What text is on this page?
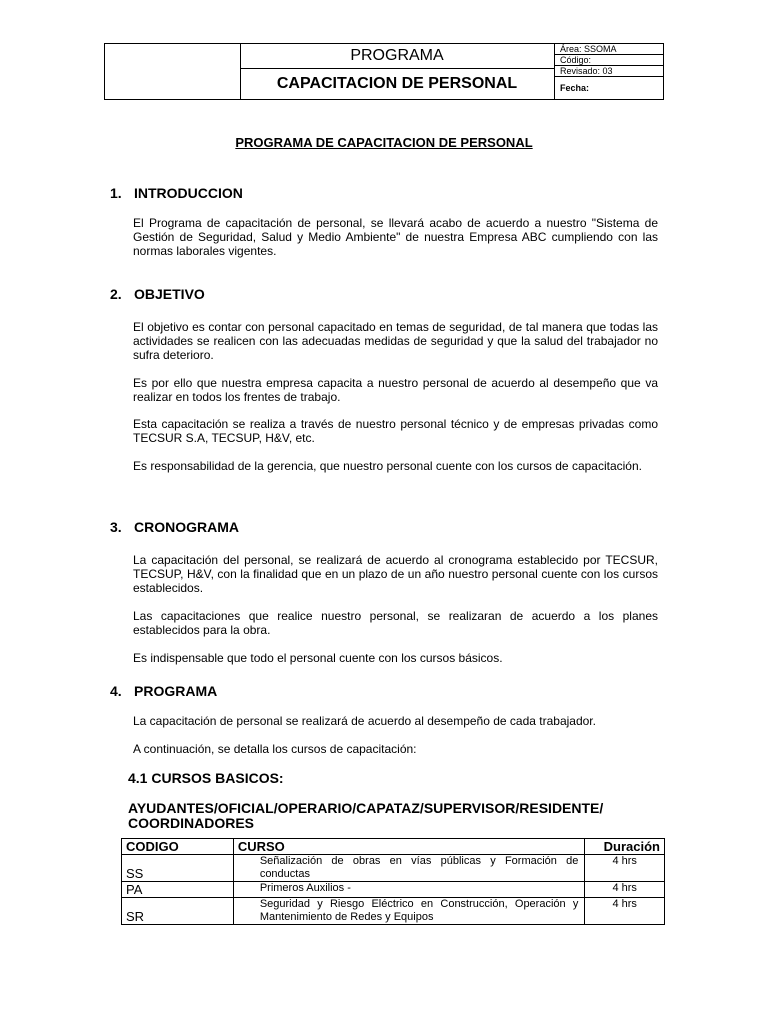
PROGRAMA
CAPACITACION DE PERSONAL
Área: SSOMA
Código:
Revisado: 03
Fecha:
PROGRAMA DE CAPACITACION DE PERSONAL
1. INTRODUCCION
El Programa de capacitación de personal, se llevará acabo de acuerdo a nuestro "Sistema de Gestión de Seguridad, Salud y Medio Ambiente" de nuestra Empresa ABC cumpliendo con las normas laborales vigentes.
2. OBJETIVO
El objetivo es contar con personal capacitado en temas de seguridad, de tal manera que todas las actividades se realicen con las adecuadas medidas de seguridad y que la salud del trabajador no sufra deterioro.
Es por ello que nuestra empresa capacita a nuestro personal de acuerdo al desempeño que va realizar en todos los frentes de trabajo.
Esta capacitación se realiza a través de nuestro personal técnico y de empresas privadas como TECSUR S.A, TECSUP, H&V, etc.
Es responsabilidad de la gerencia, que nuestro personal cuente con los cursos de capacitación.
3. CRONOGRAMA
La capacitación del personal, se realizará de acuerdo al cronograma establecido por TECSUR, TECSUP, H&V, con la finalidad que en un plazo de un año nuestro personal cuente con los cursos establecidos.
Las capacitaciones que realice nuestro personal, se realizaran de acuerdo a los planes establecidos para la obra.
Es indispensable que todo el personal cuente con los cursos básicos.
4. PROGRAMA
La capacitación de personal se realizará de acuerdo al desempeño de cada trabajador.
A continuación, se detalla los cursos de capacitación:
4.1 CURSOS BASICOS:
AYUDANTES/OFICIAL/OPERARIO/CAPATAZ/SUPERVISOR/RESIDENTE/ COORDINADORES
CODIGO	CURSO	Duración
SS	Señalización de obras en vías públicas y Formación de conductas	4 hrs
PA	Primeros Auxilios -	4 hrs
SR	Seguridad y Riesgo Eléctrico en Construcción, Operación y Mantenimiento de Redes y Equipos	4 hrs
